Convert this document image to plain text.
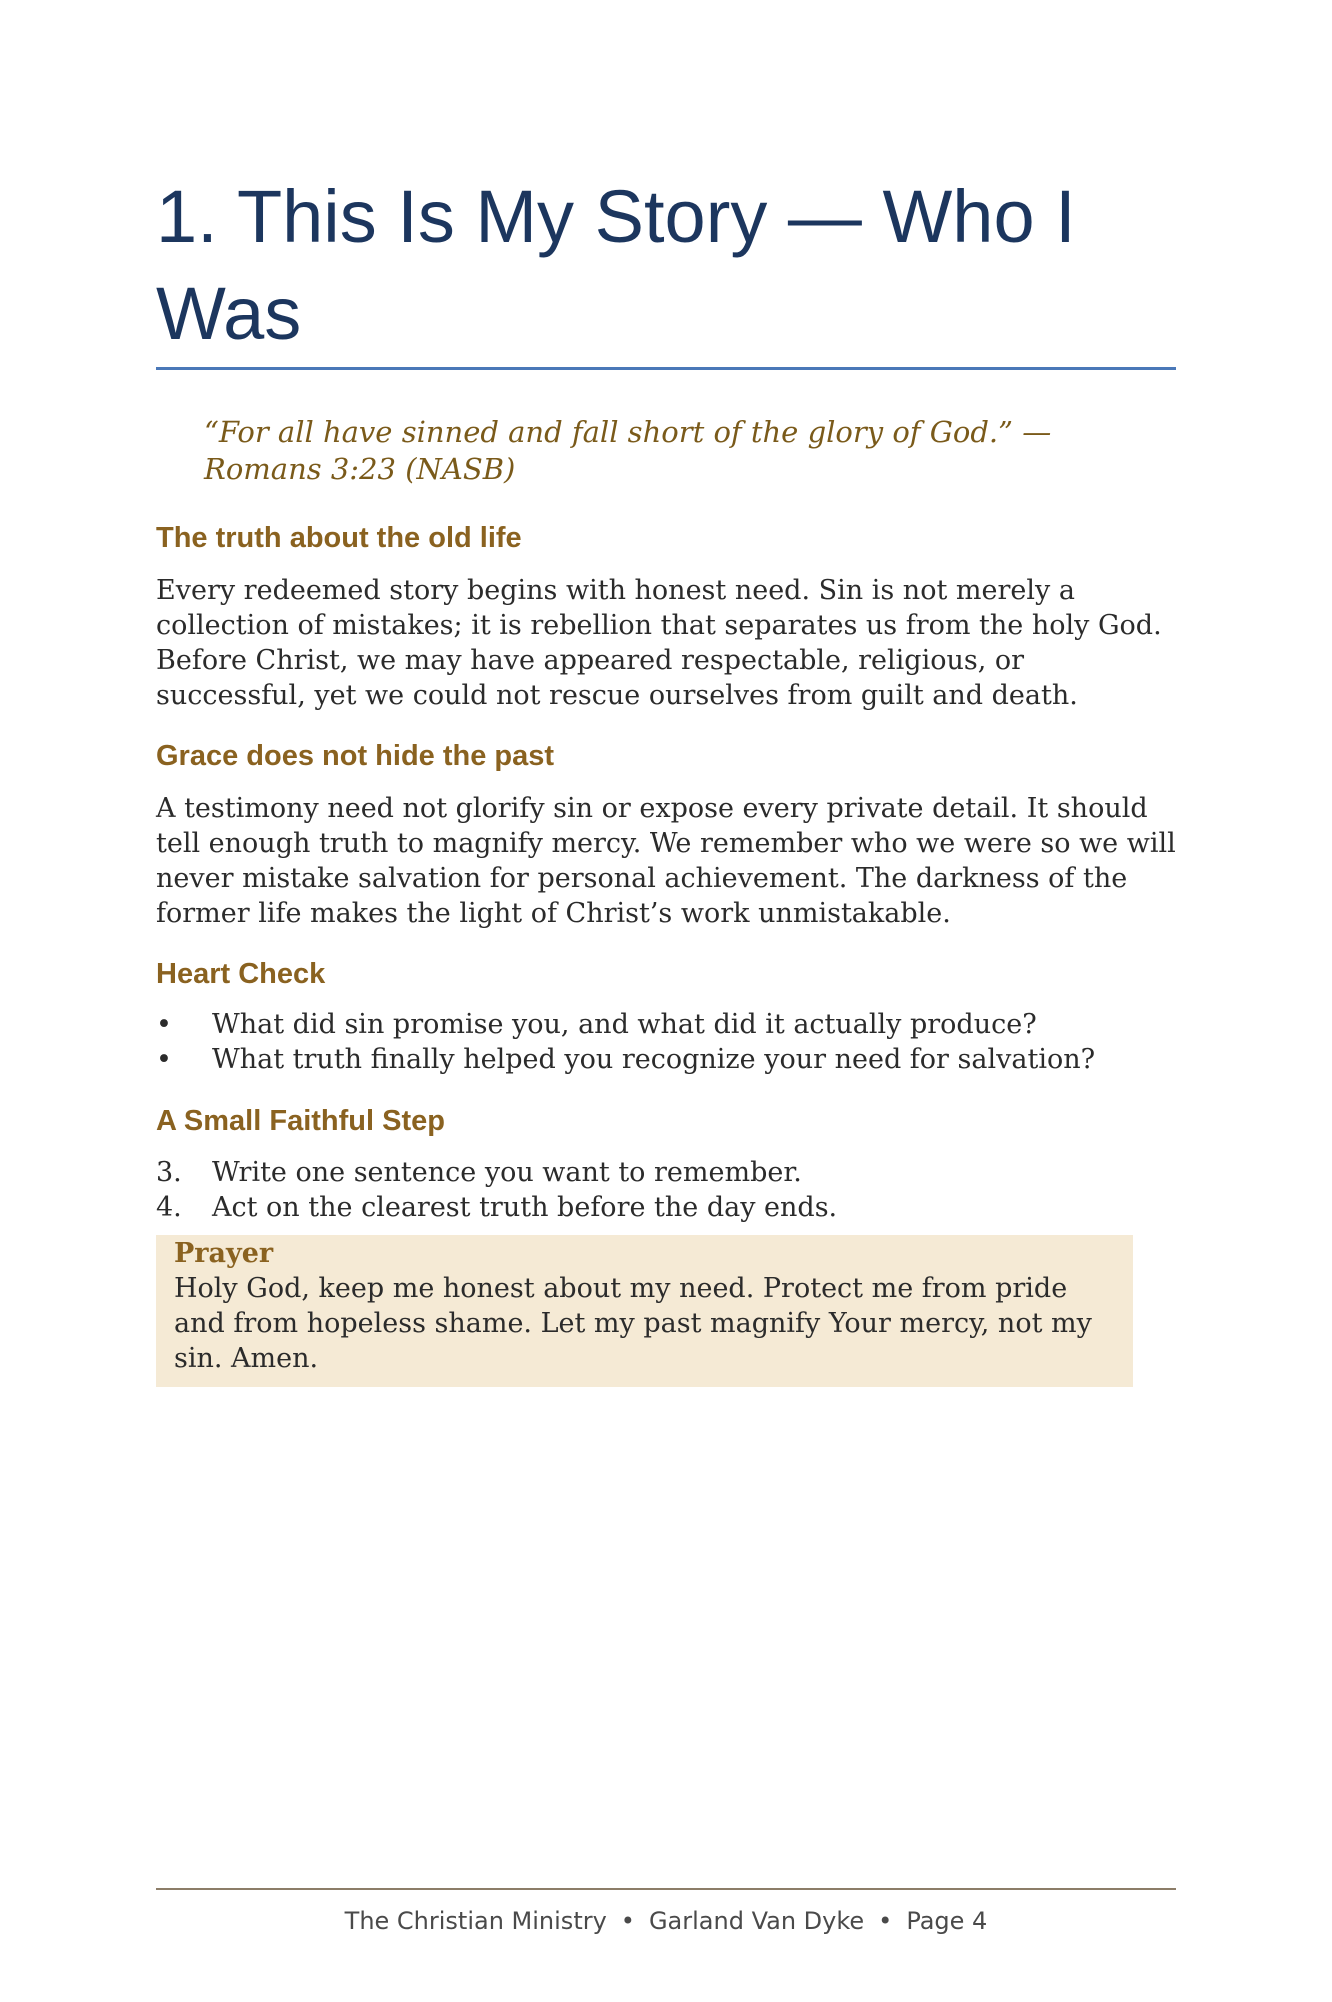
1. This Is My Story — Who I Was
“For all have sinned and fall short of the glory of God.” — Romans 3:23 (NASB)
The truth about the old life

Every redeemed story begins with honest need. Sin is not merely a collection of mistakes; it is rebellion that separates us from the holy God. Before Christ, we may have appeared respectable, religious, or successful, yet we could not rescue ourselves from guilt and death.

Grace does not hide the past

A testimony need not glorify sin or expose every private detail. It should tell enough truth to magnify mercy. We remember who we were so we will never mistake salvation for personal achievement. The darkness of the former life makes the light of Christ’s work unmistakable.

Heart Check
•	What did sin promise you, and what did it actually produce?
•	What truth finally helped you recognize your need for salvation?
A Small Faithful Step
3.	Write one sentence you want to remember.
4.	Act on the clearest truth before the day ends.
Prayer
Holy God, keep me honest about my need. Protect me from pride and from hopeless shame. Let my past magnify Your mercy, not my sin. Amen.
The Christian Ministry • Garland Van Dyke • Page 4
